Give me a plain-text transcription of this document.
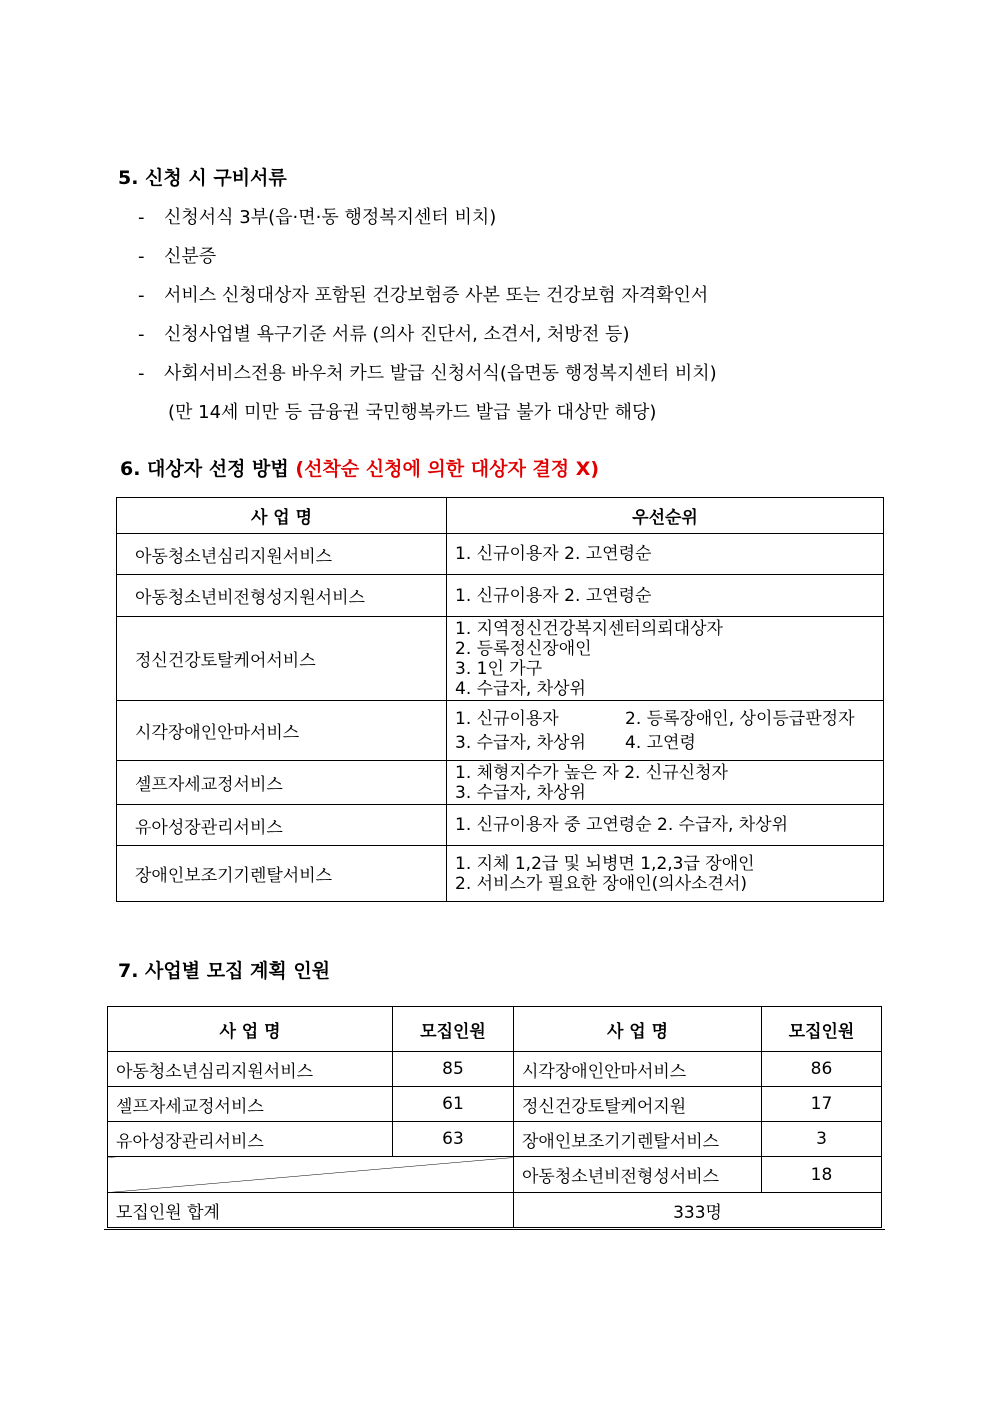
5. 신청 시 구비서류
- 신청서식 3부(읍·면·동 행정복지센터 비치)
- 신분증
- 서비스 신청대상자 포함된 건강보험증 사본 또는 건강보험 자격확인서
- 신청사업별 욕구기준 서류 (의사 진단서, 소견서, 처방전 등)
- 사회서비스전용 바우처 카드 발급 신청서식(읍면동 행정복지센터 비치)
(만 14세 미만 등 금융권 국민행복카드 발급 불가 대상만 해당)
6. 대상자 선정 방법 (선착순 신청에 의한 대상자 결정 X)
사 업 명	우선순위
아동청소년심리지원서비스	1. 신규이용자 2. 고연령순

아동청소년비전형성지원서비스	1. 신규이용자 2. 고연령순

정신건강토탈케어서비스	1. 지역정신건강복지센터의뢰대상자
2. 등록정신장애인
3. 1인 가구
4. 수급자, 차상위

시각장애인안마서비스	1. 신규이용자 2. 등록장애인, 상이등급판정자
3. 수급자, 차상위 4. 고연령

셀프자세교정서비스	1. 체형지수가 높은 자 2. 신규신청자
3. 수급자, 차상위

유아성장관리서비스	1. 신규이용자 중 고연령순 2. 수급자, 차상위

장애인보조기기렌탈서비스	1. 지체 1,2급 및 뇌병면 1,2,3급 장애인
2. 서비스가 필요한 장애인(의사소견서)
7. 사업별 모집 계획 인원
사 업 명	모집인원	사 업 명	모집인원
아동청소년심리지원서비스	85	시각장애인안마서비스	86
셀프자세교정서비스	61	정신건강토탈케어지원	17
유아성장관리서비스	63	장애인보조기기렌탈서비스	3
		아동청소년비전형성서비스	18
모집인원 합계		333명	
